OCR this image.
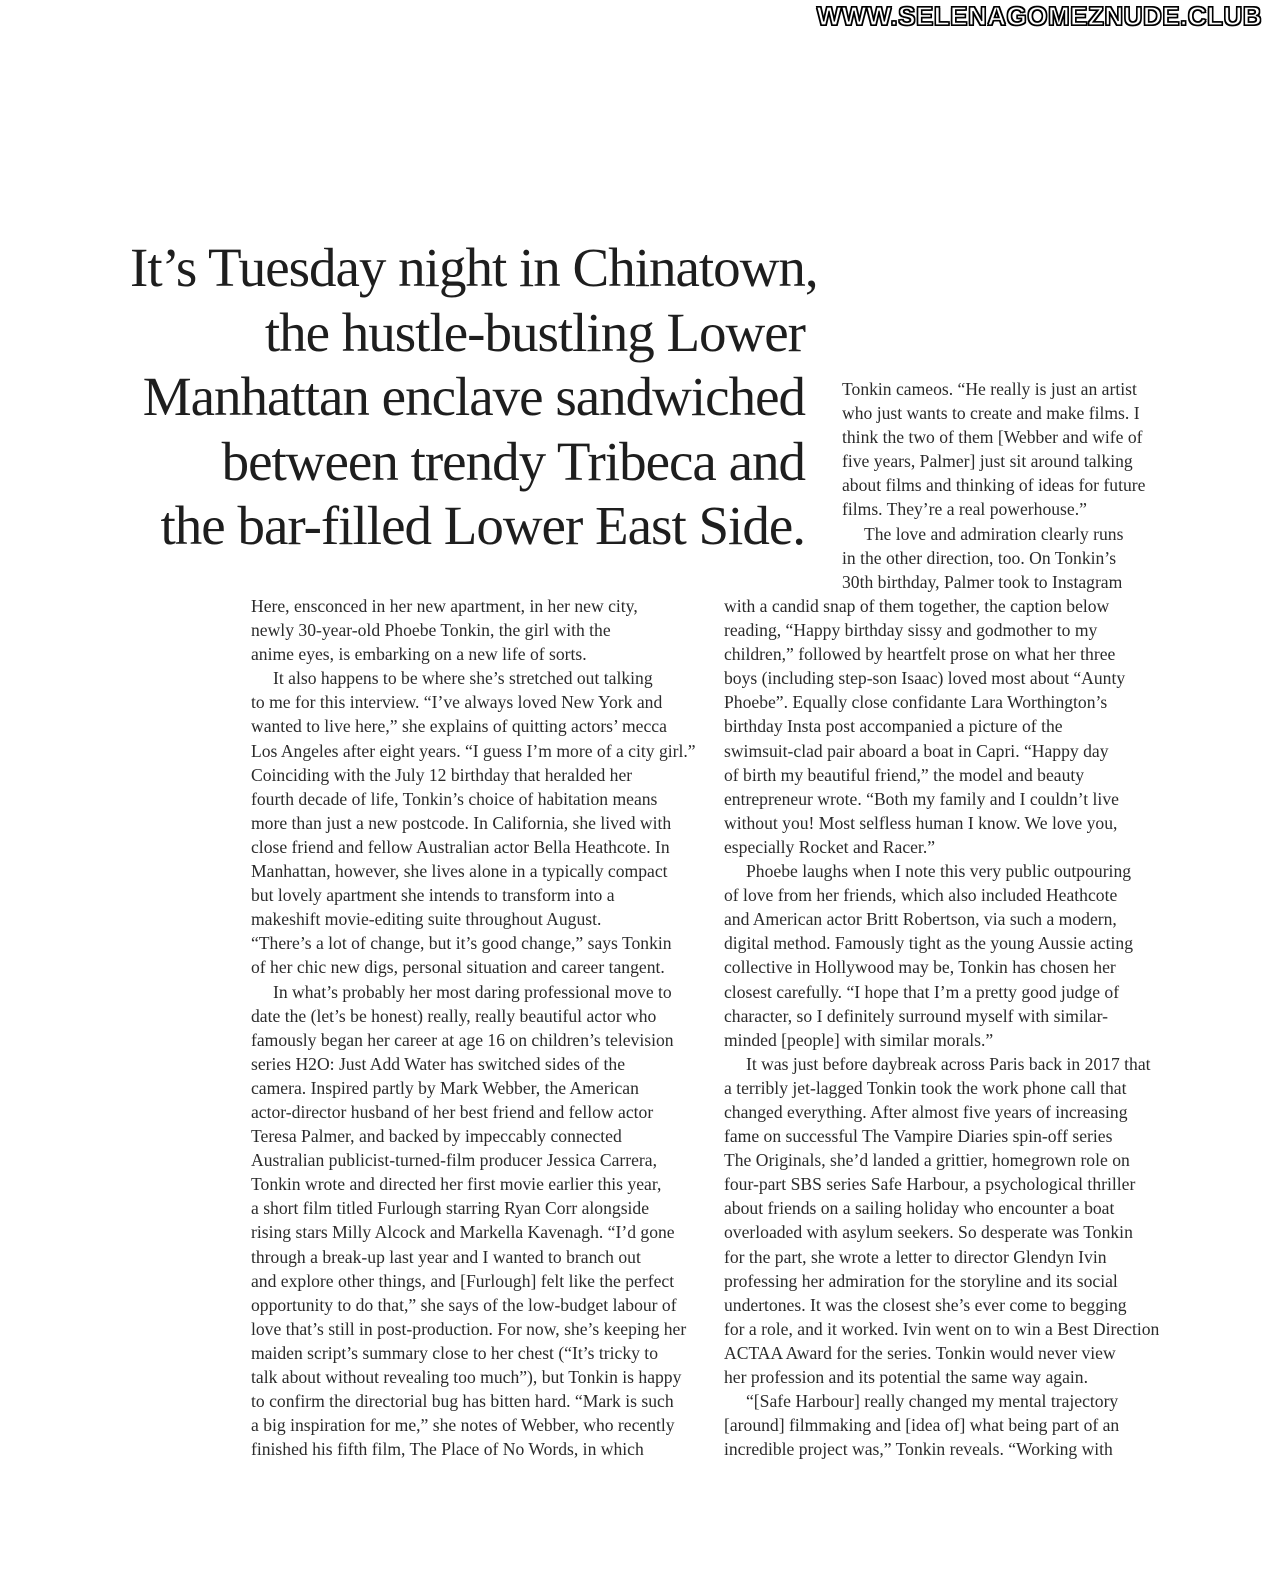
WWW.SELENAGOMEZNUDE.CLUB
It’s Tuesday night in Chinatown,
the hustle-bustling Lower
Manhattan enclave sandwiched
between trendy Tribeca and
the bar-filled Lower East Side.
Tonkin cameos. “He really is just an artist
who just wants to create and make films. I
think the two of them [Webber and wife of
five years, Palmer] just sit around talking
about films and thinking of ideas for future
films. They’re a real powerhouse.”
The love and admiration clearly runs
in the other direction, too. On Tonkin’s
30th birthday, Palmer took to Instagram
Here, ensconced in her new apartment, in her new city,
newly 30-year-old Phoebe Tonkin, the girl with the
anime eyes, is embarking on a new life of sorts.
It also happens to be where she’s stretched out talking
to me for this interview. “I’ve always loved New York and
wanted to live here,” she explains of quitting actors’ mecca
Los Angeles after eight years. “I guess I’m more of a city girl.”
Coinciding with the July 12 birthday that heralded her
fourth decade of life, Tonkin’s choice of habitation means
more than just a new postcode. In California, she lived with
close friend and fellow Australian actor Bella Heathcote. In
Manhattan, however, she lives alone in a typically compact
but lovely apartment she intends to transform into a
makeshift movie-editing suite throughout August.
“There’s a lot of change, but it’s good change,” says Tonkin
of her chic new digs, personal situation and career tangent.
In what’s probably her most daring professional move to
date the (let’s be honest) really, really beautiful actor who
famously began her career at age 16 on children’s television
series H2O: Just Add Water has switched sides of the
camera. Inspired partly by Mark Webber, the American
actor-director husband of her best friend and fellow actor
Teresa Palmer, and backed by impeccably connected
Australian publicist-turned-film producer Jessica Carrera,
Tonkin wrote and directed her first movie earlier this year,
a short film titled Furlough starring Ryan Corr alongside
rising stars Milly Alcock and Markella Kavenagh. “I’d gone
through a break-up last year and I wanted to branch out
and explore other things, and [Furlough] felt like the perfect
opportunity to do that,” she says of the low-budget labour of
love that’s still in post-production. For now, she’s keeping her
maiden script’s summary close to her chest (“It’s tricky to
talk about without revealing too much”), but Tonkin is happy
to confirm the directorial bug has bitten hard. “Mark is such
a big inspiration for me,” she notes of Webber, who recently
finished his fifth film, The Place of No Words, in which
with a candid snap of them together, the caption below
reading, “Happy birthday sissy and godmother to my
children,” followed by heartfelt prose on what her three
boys (including step-son Isaac) loved most about “Aunty
Phoebe”. Equally close confidante Lara Worthington’s
birthday Insta post accompanied a picture of the
swimsuit-clad pair aboard a boat in Capri. “Happy day
of birth my beautiful friend,” the model and beauty
entrepreneur wrote. “Both my family and I couldn’t live
without you! Most selfless human I know. We love you,
especially Rocket and Racer.”
Phoebe laughs when I note this very public outpouring
of love from her friends, which also included Heathcote
and American actor Britt Robertson, via such a modern,
digital method. Famously tight as the young Aussie acting
collective in Hollywood may be, Tonkin has chosen her
closest carefully. “I hope that I’m a pretty good judge of
character, so I definitely surround myself with similar-
minded [people] with similar morals.”
It was just before daybreak across Paris back in 2017 that
a terribly jet-lagged Tonkin took the work phone call that
changed everything. After almost five years of increasing
fame on successful The Vampire Diaries spin-off series
The Originals, she’d landed a grittier, homegrown role on
four-part SBS series Safe Harbour, a psychological thriller
about friends on a sailing holiday who encounter a boat
overloaded with asylum seekers. So desperate was Tonkin
for the part, she wrote a letter to director Glendyn Ivin
professing her admiration for the storyline and its social
undertones. It was the closest she’s ever come to begging
for a role, and it worked. Ivin went on to win a Best Direction
ACTAA Award for the series. Tonkin would never view
her profession and its potential the same way again.
“[Safe Harbour] really changed my mental trajectory
[around] filmmaking and [idea of] what being part of an
incredible project was,” Tonkin reveals. “Working with
